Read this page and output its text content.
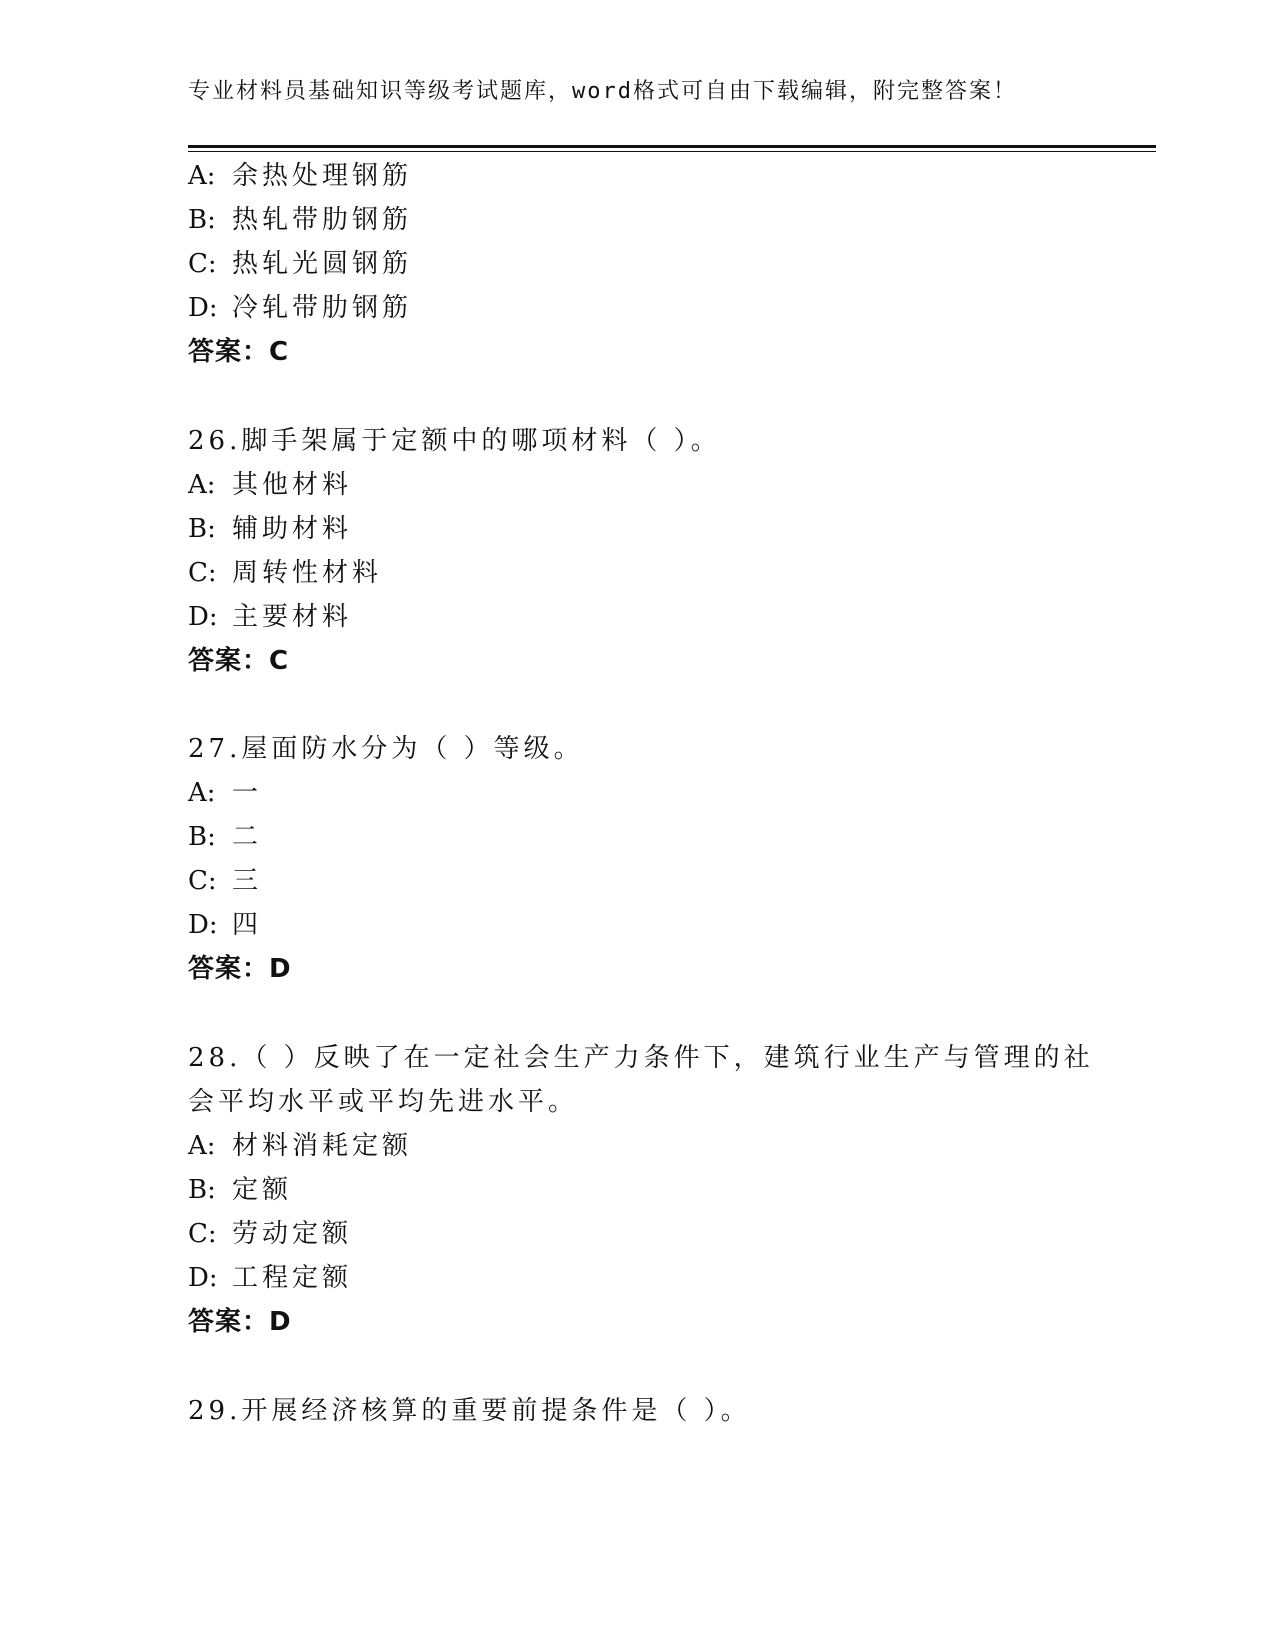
专业材料员基础知识等级考试题库，word格式可自由下载编辑，附完整答案！
A: 余热处理钢筋
B: 热轧带肋钢筋
C: 热轧光圆钢筋
D: 冷轧带肋钢筋
答案：C
26.脚手架属于定额中的哪项材料（ ）。
A: 其他材料
B: 辅助材料
C: 周转性材料
D: 主要材料
答案：C
27.屋面防水分为（ ）等级。
A: 一
B: 二
C: 三
D: 四
答案：D
28.（ ）反映了在一定社会生产力条件下，建筑行业生产与管理的社
会平均水平或平均先进水平。
A: 材料消耗定额
B: 定额
C: 劳动定额
D: 工程定额
答案：D
29.开展经济核算的重要前提条件是（ ）。
